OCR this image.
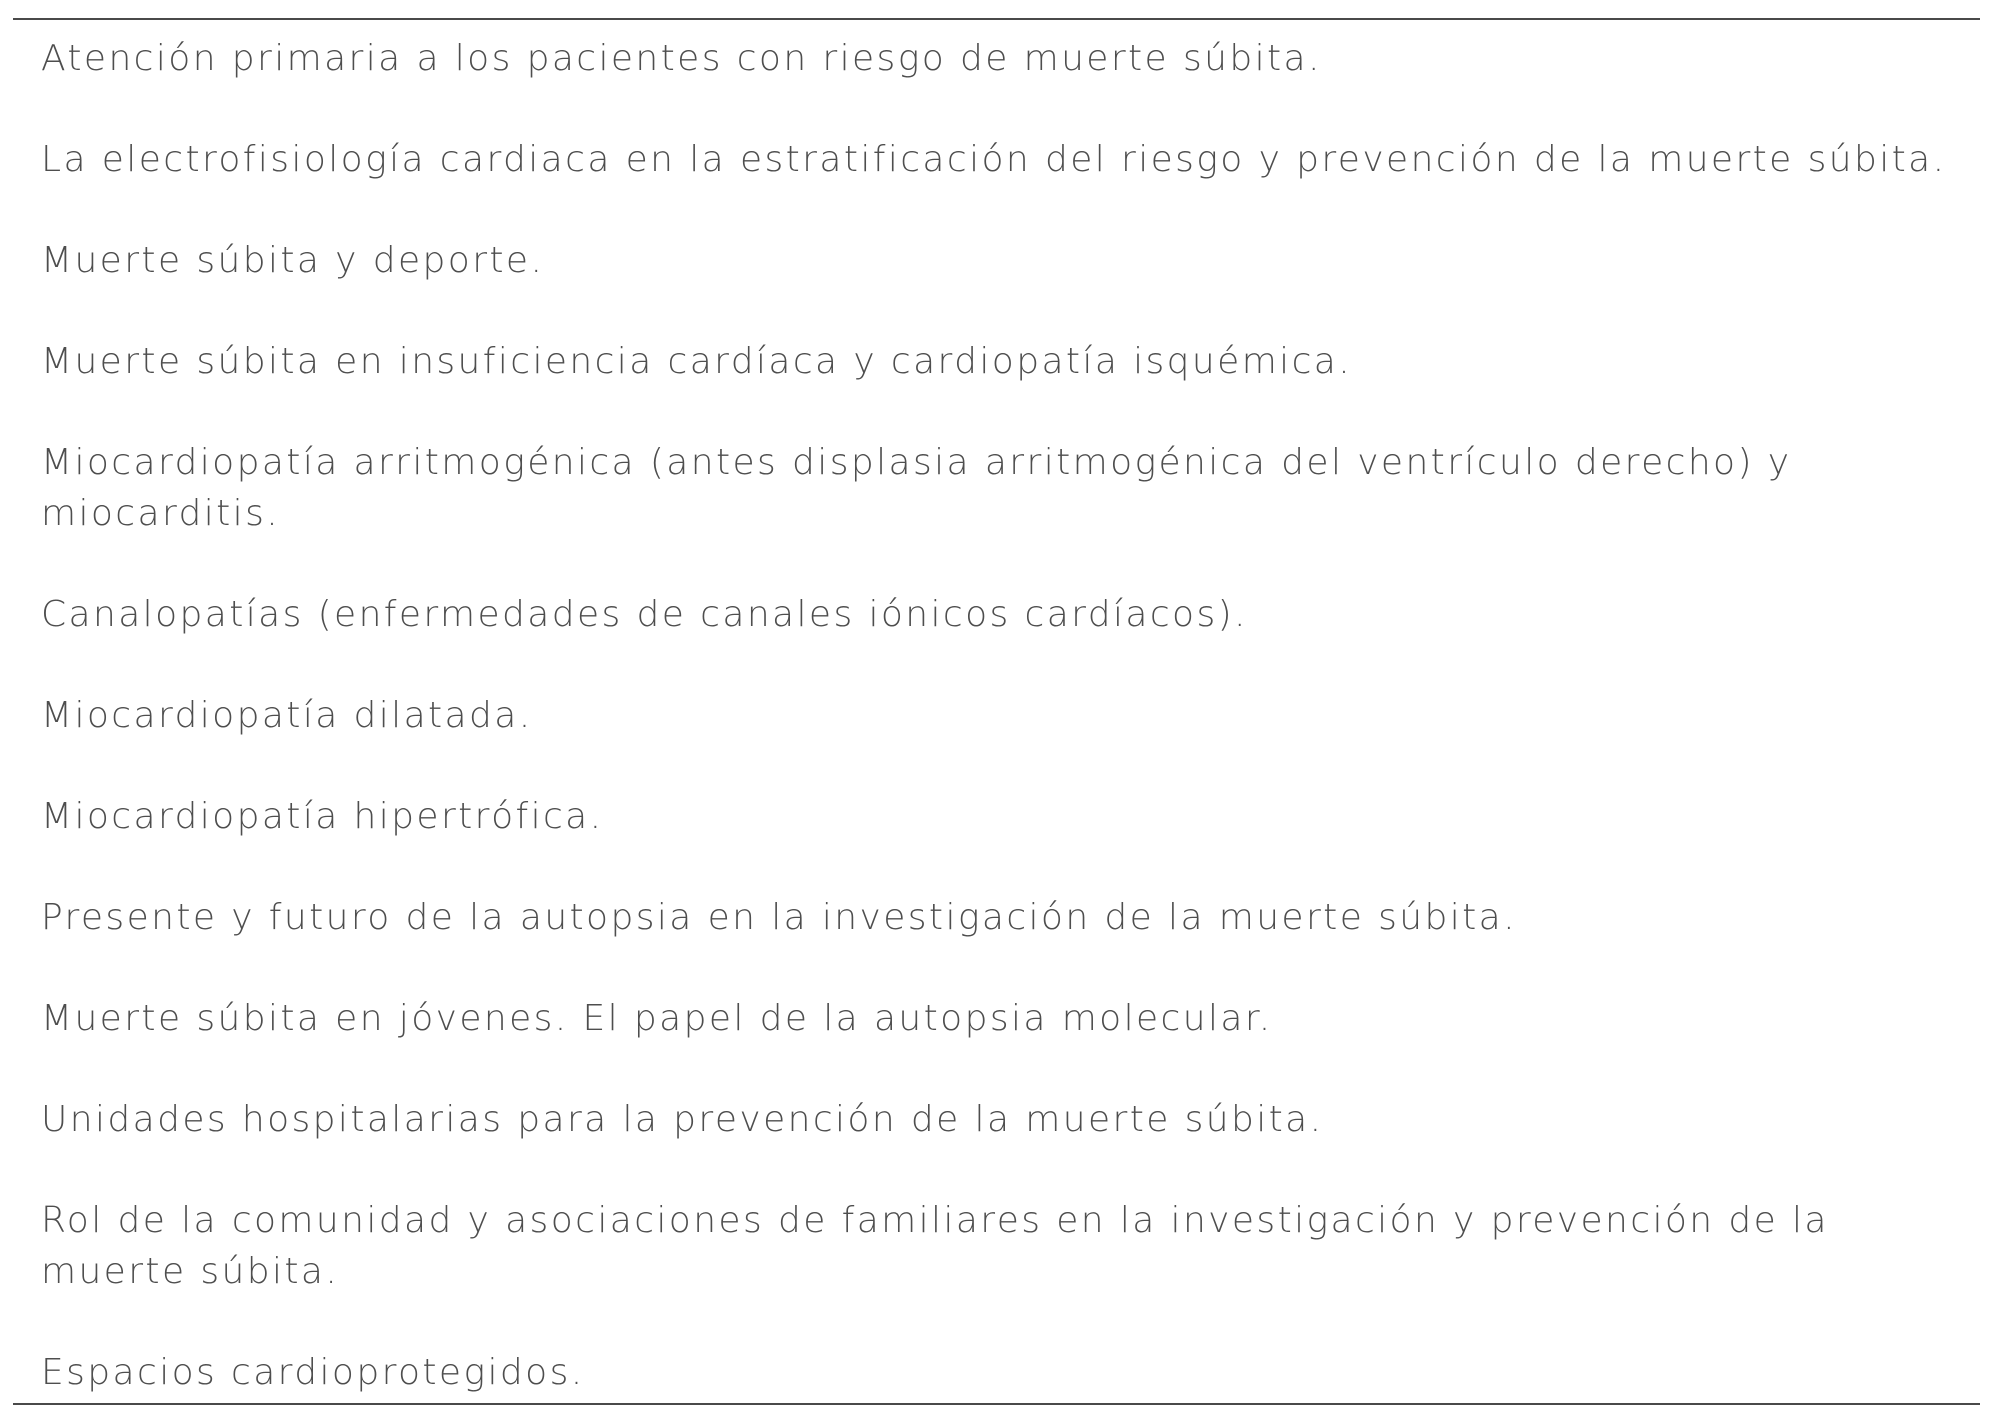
Atención primaria a los pacientes con riesgo de muerte súbita.

La electrofisiología cardiaca en la estratificación del riesgo y prevención de la muerte súbita.

Muerte súbita y deporte.

Muerte súbita en insuficiencia cardíaca y cardiopatía isquémica.

Miocardiopatía arritmogénica (antes displasia arritmogénica del ventrículo derecho) y miocarditis.

Canalopatías (enfermedades de canales iónicos cardíacos).

Miocardiopatía dilatada.

Miocardiopatía hipertrófica.

Presente y futuro de la autopsia en la investigación de la muerte súbita.

Muerte súbita en jóvenes. El papel de la autopsia molecular.

Unidades hospitalarias para la prevención de la muerte súbita.

Rol de la comunidad y asociaciones de familiares en la investigación y prevención de la muerte súbita.

Espacios cardioprotegidos.
